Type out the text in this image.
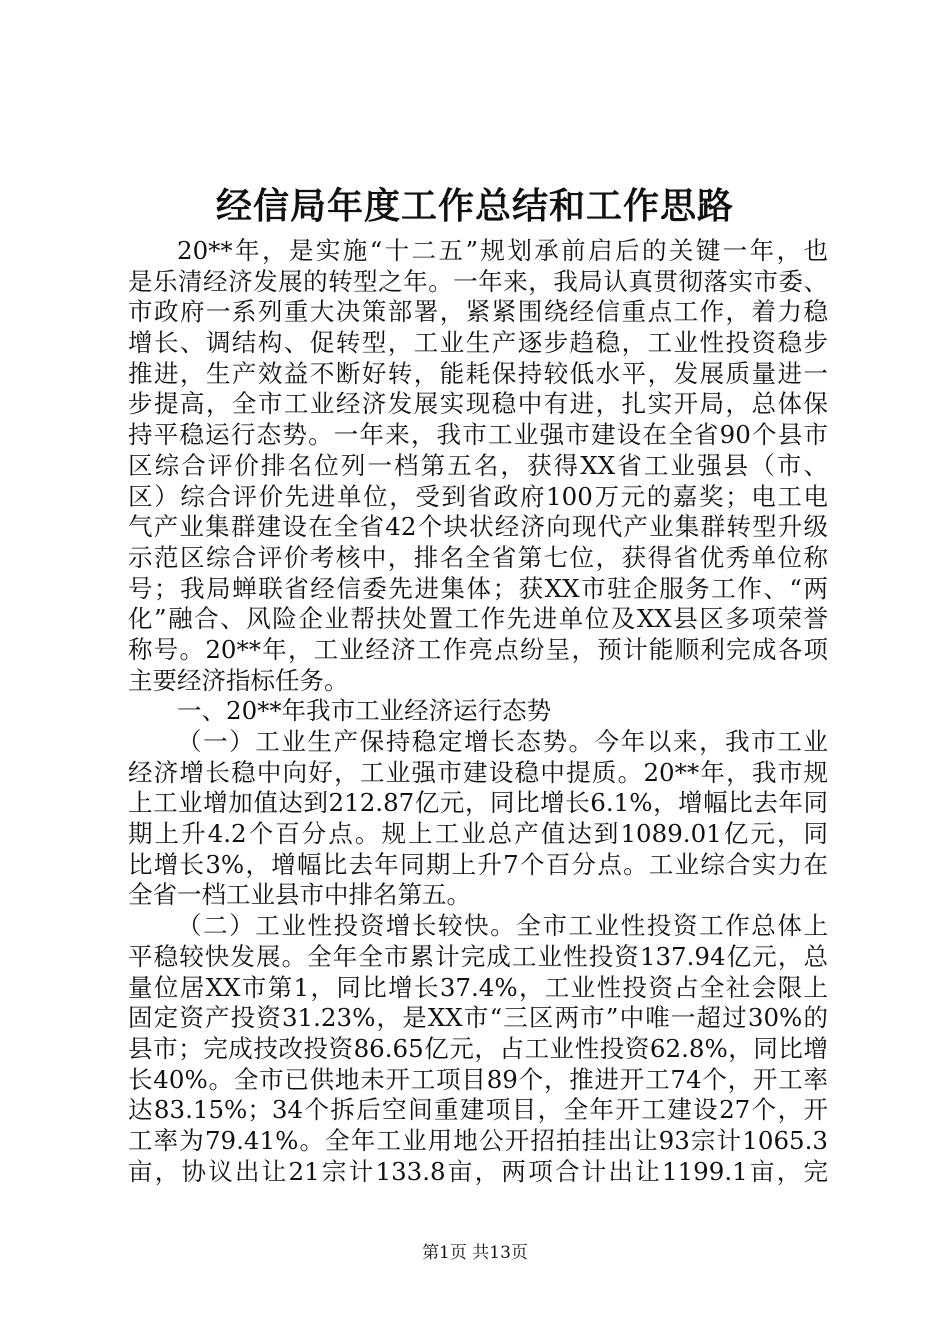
经信局年度工作总结和工作思路
20**年，是实施“十二五”规划承前启后的关键一年，也
是乐清经济发展的转型之年。一年来，我局认真贯彻落实市委、
市政府一系列重大决策部署，紧紧围绕经信重点工作，着力稳
增长、调结构、促转型，工业生产逐步趋稳，工业性投资稳步
推进，生产效益不断好转，能耗保持较低水平，发展质量进一
步提高，全市工业经济发展实现稳中有进，扎实开局，总体保
持平稳运行态势。一年来，我市工业强市建设在全省90个县市
区综合评价排名位列一档第五名，获得XX省工业强县（市、
区）综合评价先进单位，受到省政府100万元的嘉奖；电工电
气产业集群建设在全省42个块状经济向现代产业集群转型升级
示范区综合评价考核中，排名全省第七位，获得省优秀单位称
号；我局蝉联省经信委先进集体；获XX市驻企服务工作、“两
化”融合、风险企业帮扶处置工作先进单位及XX县区多项荣誉
称号。20**年，工业经济工作亮点纷呈，预计能顺利完成各项
主要经济指标任务。
一、20**年我市工业经济运行态势
（一）工业生产保持稳定增长态势。今年以来，我市工业
经济增长稳中向好，工业强市建设稳中提质。20**年，我市规
上工业增加值达到212.87亿元，同比增长6.1%，增幅比去年同
期上升4.2个百分点。规上工业总产值达到1089.01亿元，同
比增长3%，增幅比去年同期上升7个百分点。工业综合实力在
全省一档工业县市中排名第五。
（二）工业性投资增长较快。全市工业性投资工作总体上
平稳较快发展。全年全市累计完成工业性投资137.94亿元，总
量位居XX市第1，同比增长37.4%，工业性投资占全社会限上
固定资产投资31.23%，是XX市“三区两市”中唯一超过30%的
县市；完成技改投资86.65亿元，占工业性投资62.8%，同比增
长40%。全市已供地未开工项目89个，推进开工74个，开工率
达83.15%；34个拆后空间重建项目，全年开工建设27个，开
工率为79.41%。全年工业用地公开招拍挂出让93宗计1065.3
亩，协议出让21宗计133.8亩，两项合计出让1199.1亩，完
第1页 共13页
